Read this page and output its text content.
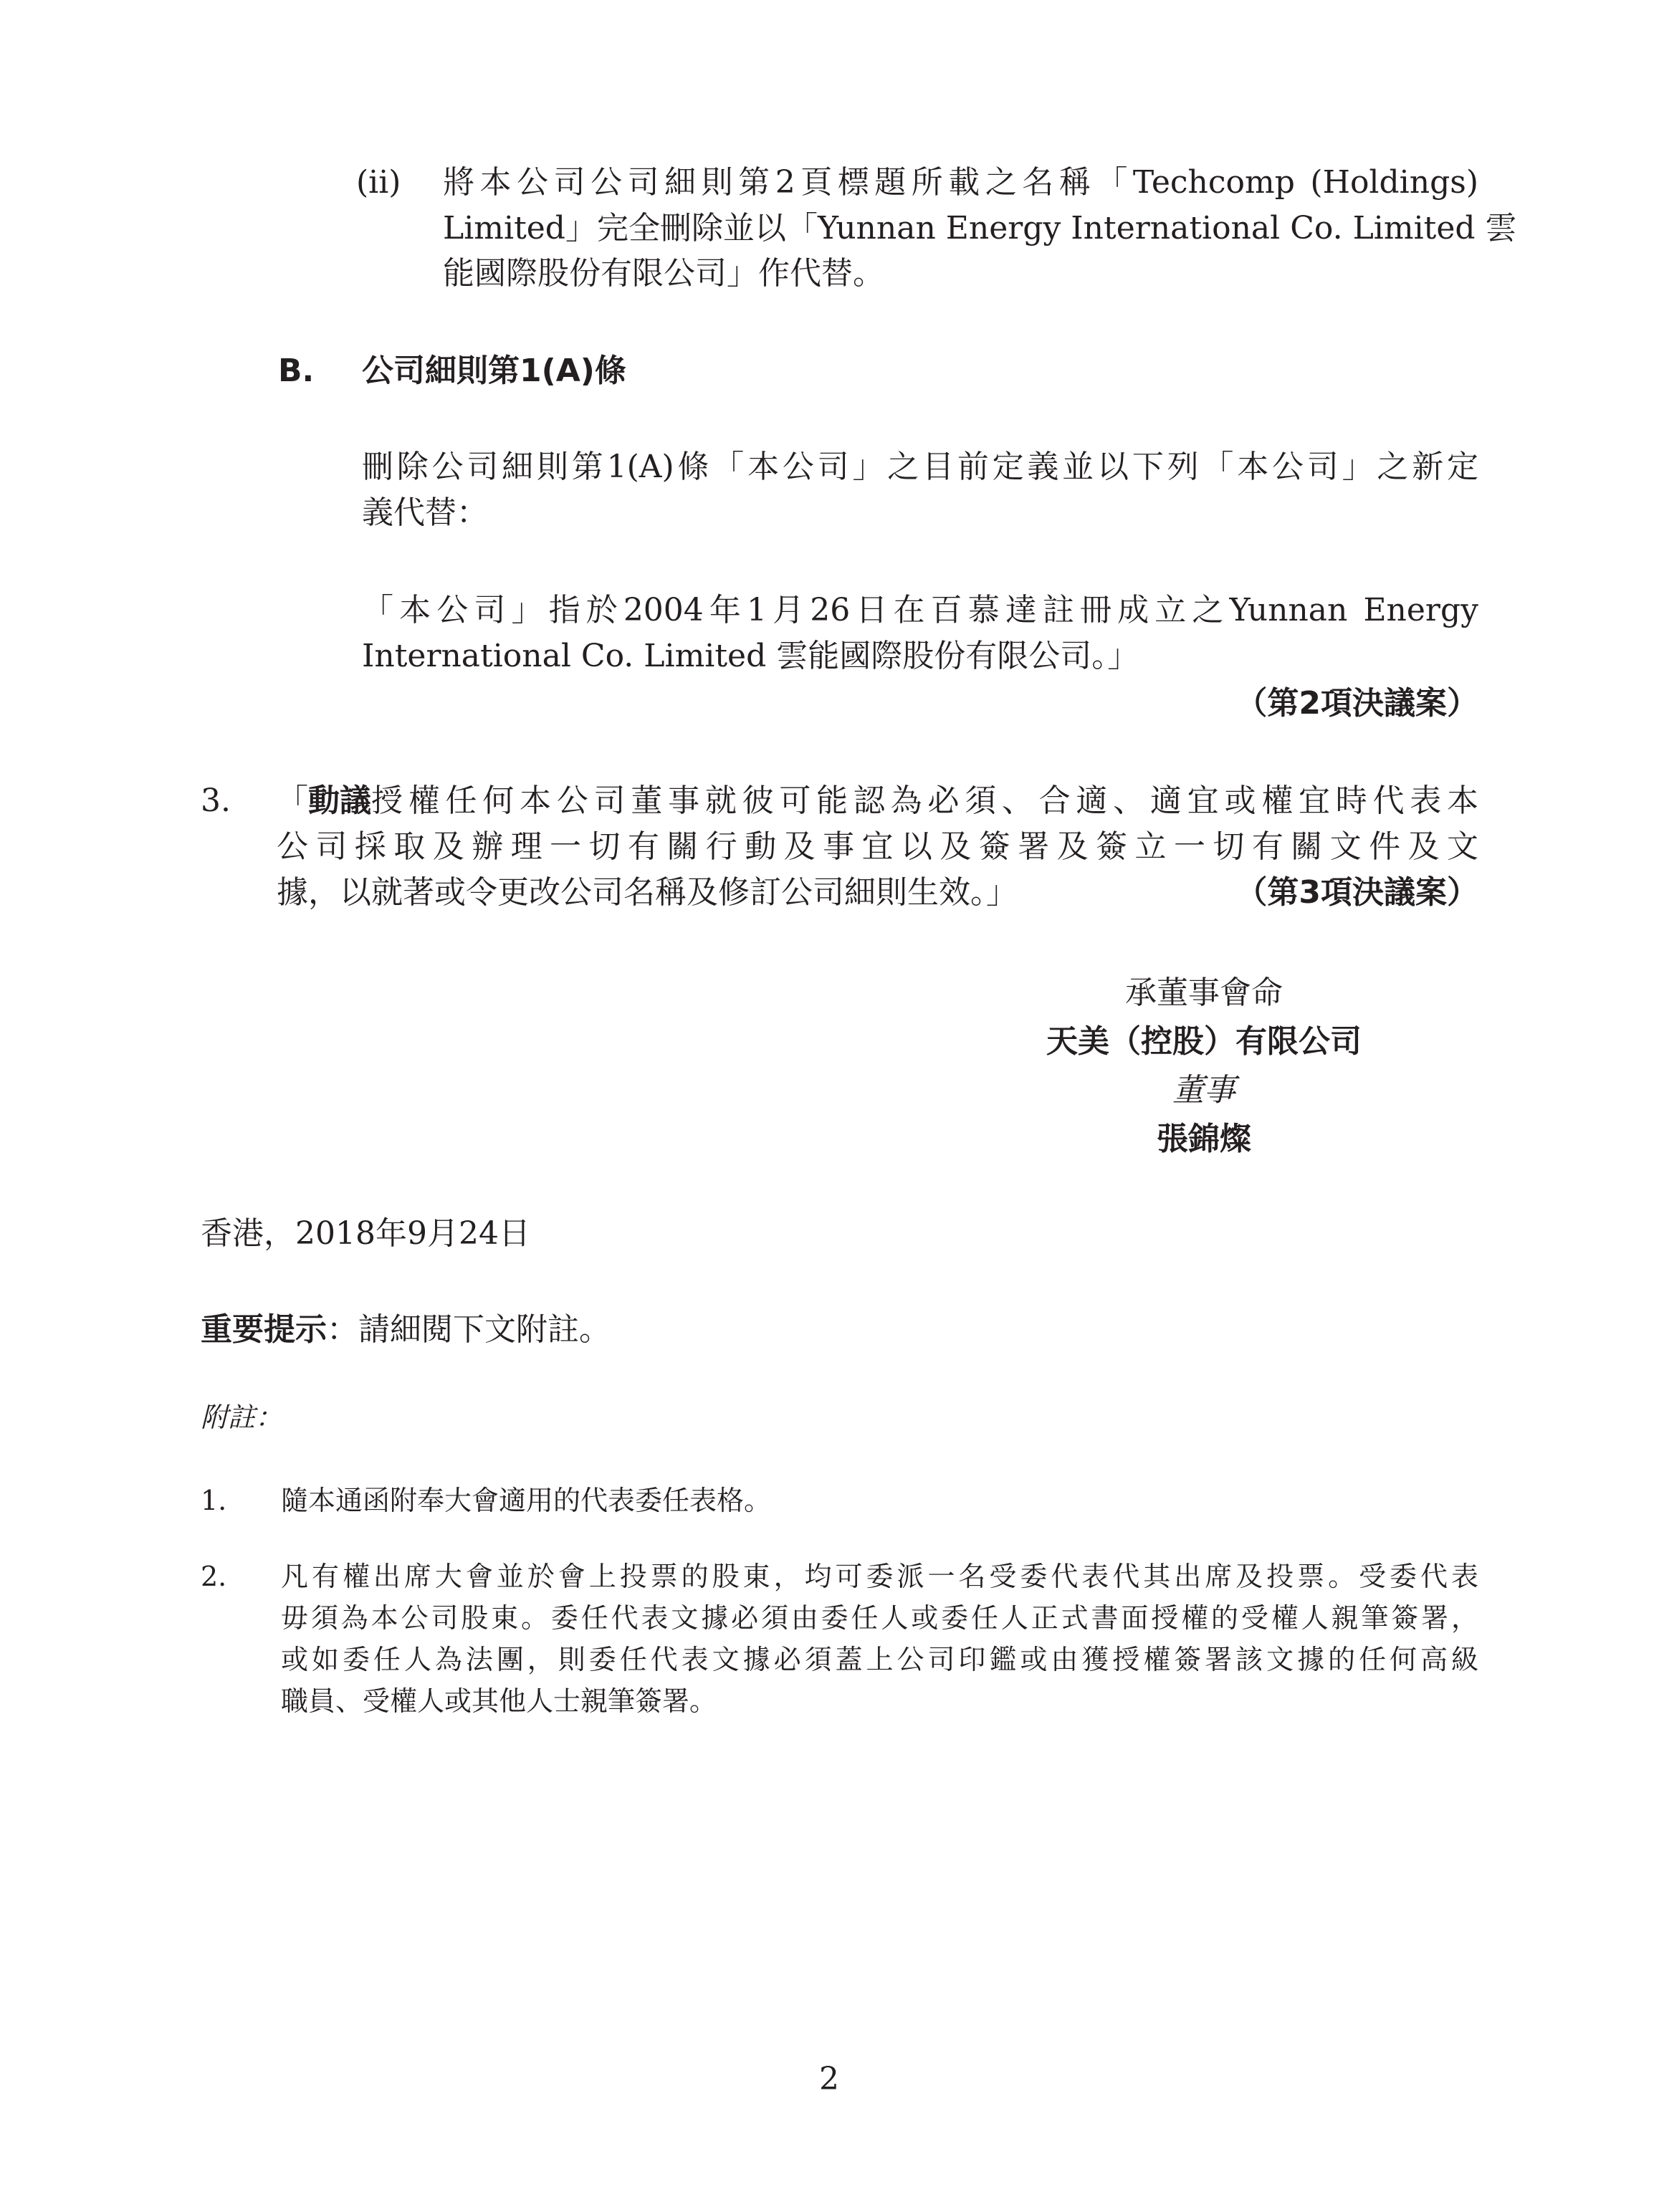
(ii) 將本公司公司細則第2頁標題所載之名稱「Techcomp (Holdings)
Limited」完全刪除並以「Yunnan Energy International Co. Limited 雲
能國際股份有限公司」作代替。
B. 公司細則第1(A)條
刪除公司細則第1(A)條「本公司」之目前定義並以下列「本公司」之新定
義代替：
「本公司」指於2004年1月26日在百慕達註冊成立之Yunnan Energy
International Co. Limited 雲能國際股份有限公司。」
（第2項決議案）
3. 「 動議 授權任何本公司董事就彼可能認為必須、合適、適宜或權宜時代表本
公司採取及辦理一切有關行動及事宜以及簽署及簽立一切有關文件及文
據，以就著或令更改公司名稱及修訂公司細則生效。」	（第3項決議案）
承董事會命
天美（控股）有限公司
董事
張錦燦
香港，2018年9月24日
重要提示：請細閱下文附註。
附註：
1. 隨本通函附奉大會適用的代表委任表格。
2. 凡有權出席大會並於會上投票的股東，均可委派一名受委代表代其出席及投票。受委代表
毋須為本公司股東。委任代表文據必須由委任人或委任人正式書面授權的受權人親筆簽署，
或如委任人為法團，則委任代表文據必須蓋上公司印鑑或由獲授權簽署該文據的任何高級
職員、受權人或其他人士親筆簽署。
2
